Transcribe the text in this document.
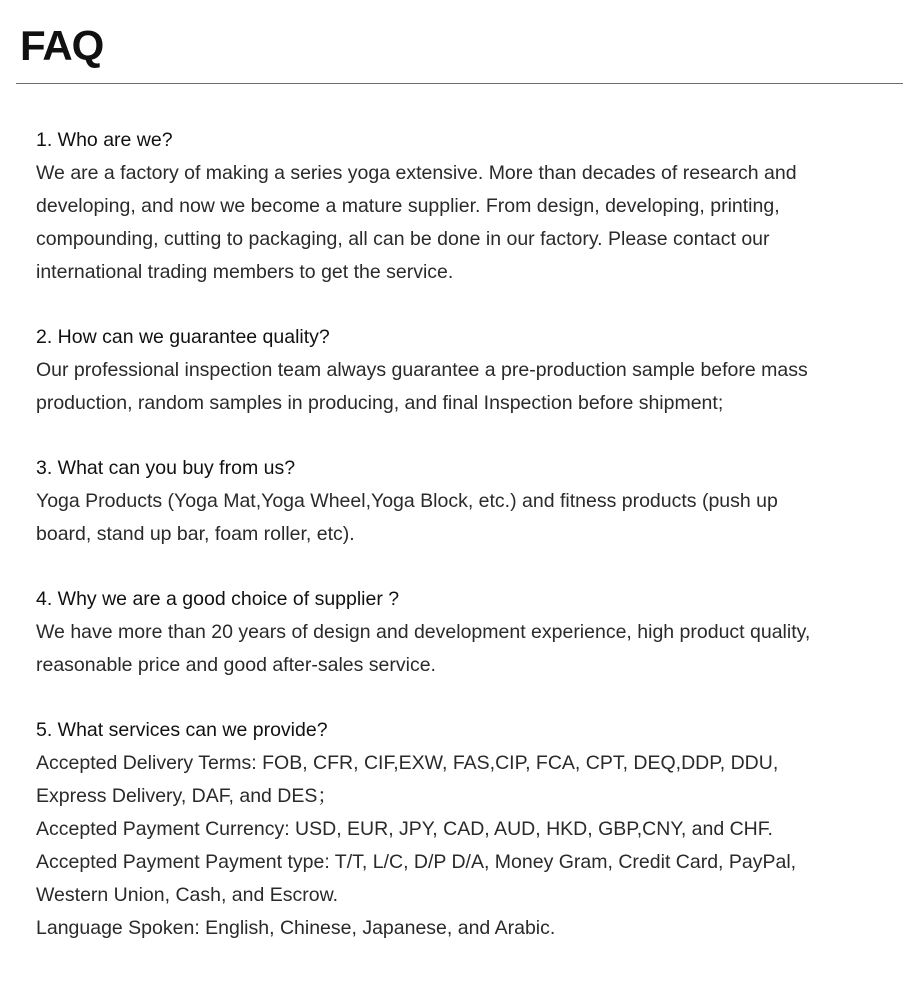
FAQ

1. Who are we?

We are a factory of making a series yoga extensive. More than decades of research and

developing, and now we become a mature supplier. From design, developing, printing,

compounding, cutting to packaging, all can be done in our factory. Please contact our

international trading members to get the service.

2. How can we guarantee quality?

Our professional inspection team always guarantee a pre-production sample before mass

production, random samples in producing, and final Inspection before shipment;

3. What can you buy from us?

Yoga Products (Yoga Mat,Yoga Wheel,Yoga Block, etc.) and fitness products (push up

board, stand up bar, foam roller, etc).

4. Why we are a good choice of supplier ?

We have more than 20 years of design and development experience, high product quality,

reasonable price and good after-sales service.

5. What services can we provide?

Accepted Delivery Terms: FOB, CFR, CIF,EXW, FAS,CIP, FCA, CPT, DEQ,DDP, DDU,

Express Delivery, DAF, and DES；

Accepted Payment Currency: USD, EUR, JPY, CAD, AUD, HKD, GBP,CNY, and CHF.

Accepted Payment Payment type: T/T, L/C, D/P D/A, Money Gram, Credit Card, PayPal,

Western Union, Cash, and Escrow.

Language Spoken: English, Chinese, Japanese, and Arabic.
